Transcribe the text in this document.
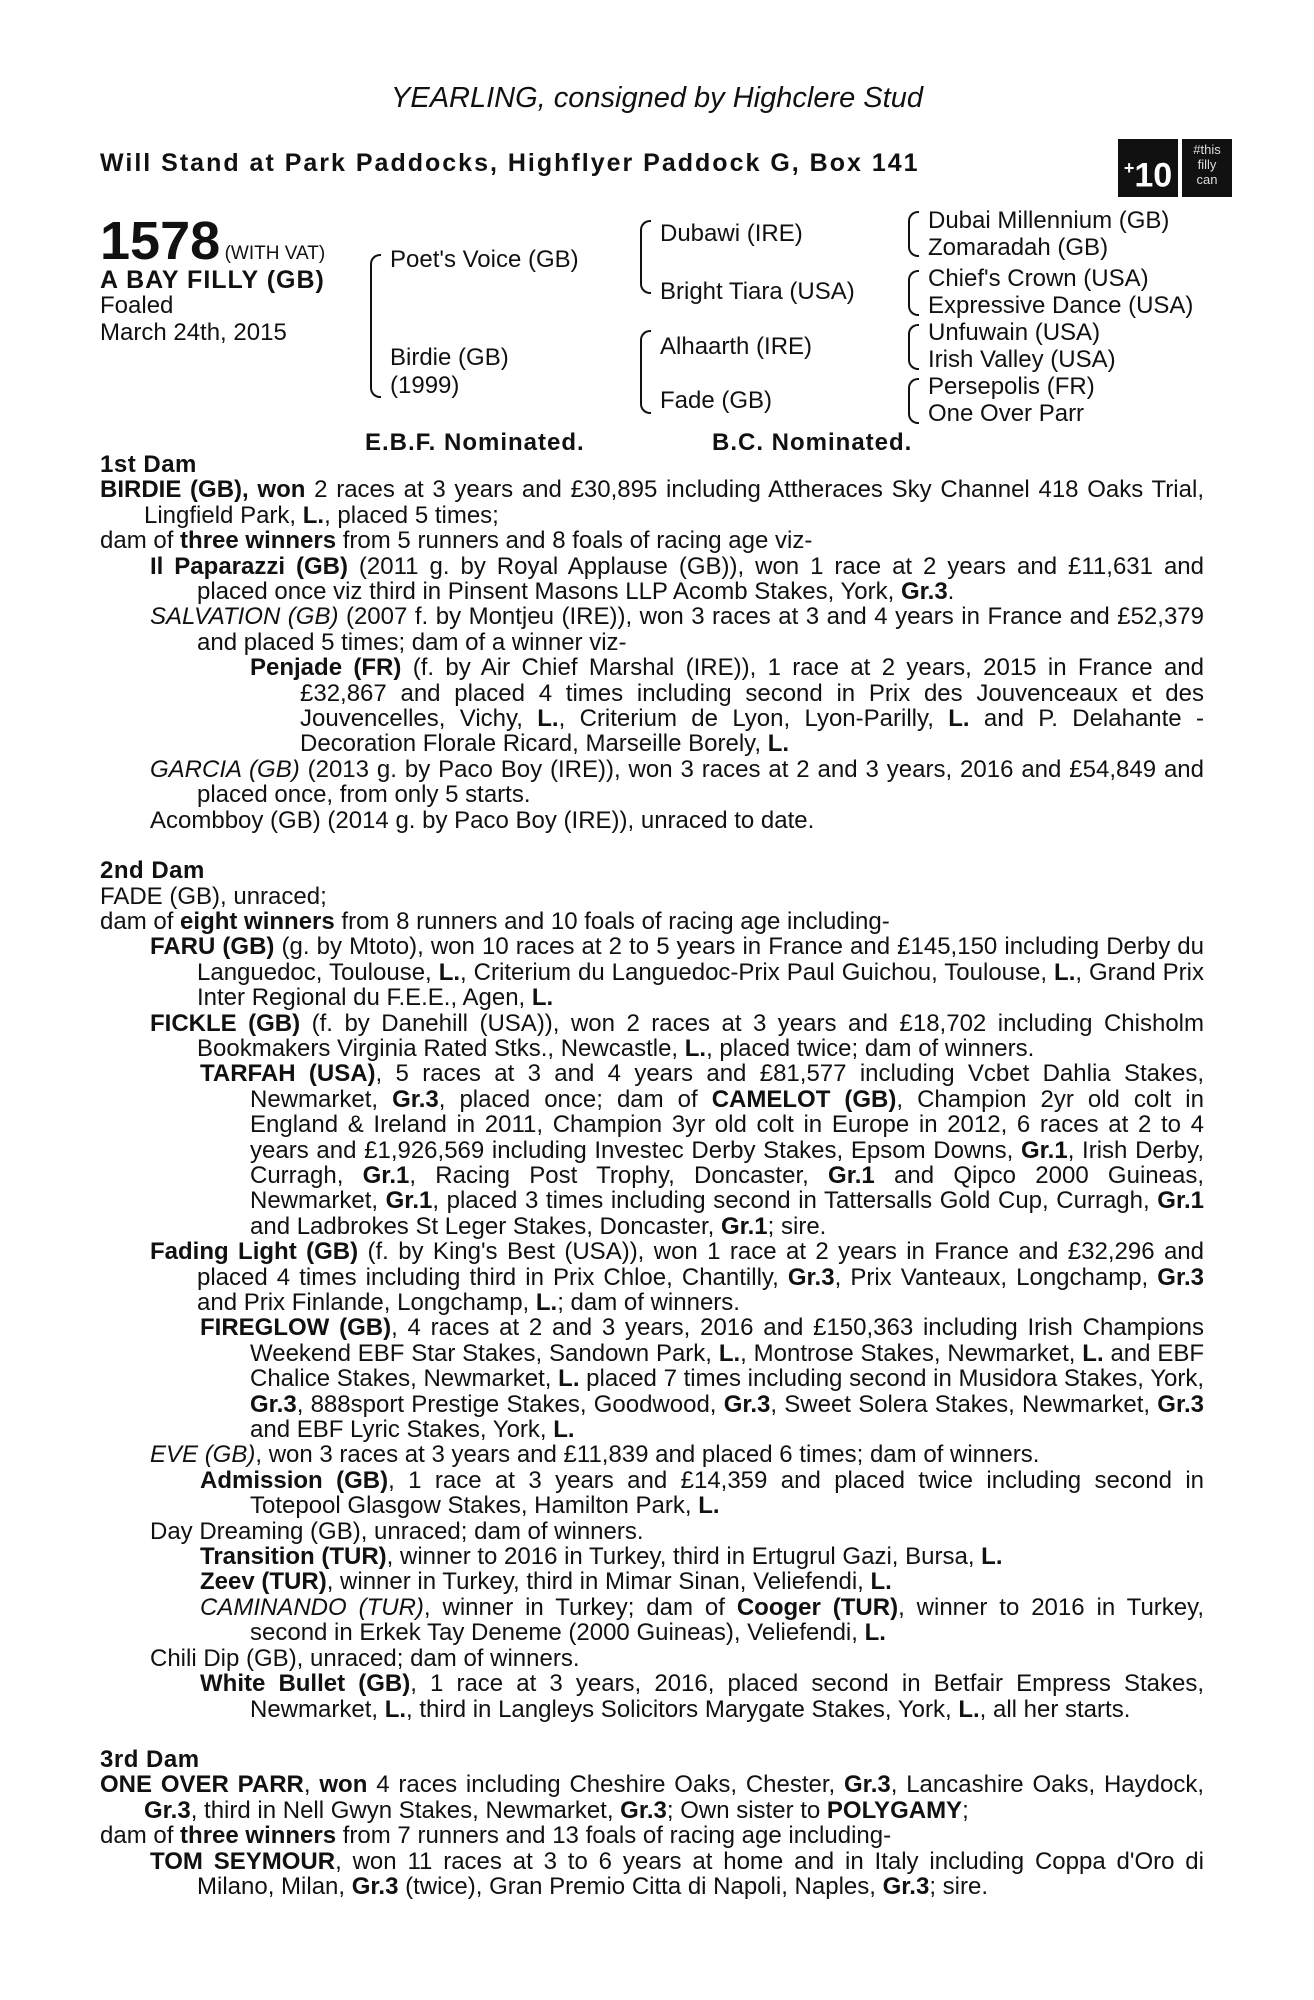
YEARLING, consigned by Highclere Stud
Will Stand at Park Paddocks, Highflyer Paddock G, Box 141	+10
#this
filly
can
1578 (WITH VAT)
A BAY FILLY (GB)
Foaled
March 24th, 2015
Poet's Voice (GB)
Birdie (GB)
(1999)
Dubawi (IRE)
Bright Tiara (USA)
Alhaarth (IRE)
Fade (GB)
Dubai Millennium (GB)
Zomaradah (GB)
Chief's Crown (USA)
Expressive Dance (USA)
Unfuwain (USA)
Irish Valley (USA)
Persepolis (FR)
One Over Parr
E.B.F. Nominated.	B.C. Nominated.

1st Dam

BIRDIE (GB), won 2 races at 3 years and £30,895 including Attheraces Sky Channel 418 Oaks Trial, Lingfield Park, L., placed 5 times;

dam of three winners from 5 runners and 8 foals of racing age viz-

Il Paparazzi (GB) (2011 g. by Royal Applause (GB)), won 1 race at 2 years and £11,631 and placed once viz third in Pinsent Masons LLP Acomb Stakes, York, Gr.3.

SALVATION (GB) (2007 f. by Montjeu (IRE)), won 3 races at 3 and 4 years in France and £52,379 and placed 5 times; dam of a winner viz-

Penjade (FR) (f. by Air Chief Marshal (IRE)), 1 race at 2 years, 2015 in France and £32,867 and placed 4 times including second in Prix des Jouvenceaux et des Jouvencelles, Vichy, L., Criterium de Lyon, Lyon-Parilly, L. and P. Delahante - Decoration Florale Ricard, Marseille Borely, L.

GARCIA (GB) (2013 g. by Paco Boy (IRE)), won 3 races at 2 and 3 years, 2016 and £54,849 and placed once, from only 5 starts.

Acombboy (GB) (2014 g. by Paco Boy (IRE)), unraced to date.

2nd Dam

FADE (GB), unraced;

dam of eight winners from 8 runners and 10 foals of racing age including-

FARU (GB) (g. by Mtoto), won 10 races at 2 to 5 years in France and £145,150 including Derby du Languedoc, Toulouse, L., Criterium du Languedoc-Prix Paul Guichou, Toulouse, L., Grand Prix Inter Regional du F.E.E., Agen, L.

FICKLE (GB) (f. by Danehill (USA)), won 2 races at 3 years and £18,702 including Chisholm Bookmakers Virginia Rated Stks., Newcastle, L., placed twice; dam of winners.

TARFAH (USA), 5 races at 3 and 4 years and £81,577 including Vcbet Dahlia Stakes, Newmarket, Gr.3, placed once; dam of CAMELOT (GB), Champion 2yr old colt in England & Ireland in 2011, Champion 3yr old colt in Europe in 2012, 6 races at 2 to 4 years and £1,926,569 including Investec Derby Stakes, Epsom Downs, Gr.1, Irish Derby, Curragh, Gr.1, Racing Post Trophy, Doncaster, Gr.1 and Qipco 2000 Guineas, Newmarket, Gr.1, placed 3 times including second in Tattersalls Gold Cup, Curragh, Gr.1 and Ladbrokes St Leger Stakes, Doncaster, Gr.1; sire.

Fading Light (GB) (f. by King's Best (USA)), won 1 race at 2 years in France and £32,296 and placed 4 times including third in Prix Chloe, Chantilly, Gr.3, Prix Vanteaux, Longchamp, Gr.3 and Prix Finlande, Longchamp, L.; dam of winners.

FIREGLOW (GB), 4 races at 2 and 3 years, 2016 and £150,363 including Irish Champions Weekend EBF Star Stakes, Sandown Park, L., Montrose Stakes, Newmarket, L. and EBF Chalice Stakes, Newmarket, L. placed 7 times including second in Musidora Stakes, York, Gr.3, 888sport Prestige Stakes, Goodwood, Gr.3, Sweet Solera Stakes, Newmarket, Gr.3 and EBF Lyric Stakes, York, L.

EVE (GB), won 3 races at 3 years and £11,839 and placed 6 times; dam of winners.

Admission (GB), 1 race at 3 years and £14,359 and placed twice including second in Totepool Glasgow Stakes, Hamilton Park, L.

Day Dreaming (GB), unraced; dam of winners.

Transition (TUR), winner to 2016 in Turkey, third in Ertugrul Gazi, Bursa, L.

Zeev (TUR), winner in Turkey, third in Mimar Sinan, Veliefendi, L.

CAMINANDO (TUR), winner in Turkey; dam of Cooger (TUR), winner to 2016 in Turkey, second in Erkek Tay Deneme (2000 Guineas), Veliefendi, L.

Chili Dip (GB), unraced; dam of winners.

White Bullet (GB), 1 race at 3 years, 2016, placed second in Betfair Empress Stakes, Newmarket, L., third in Langleys Solicitors Marygate Stakes, York, L., all her starts.

3rd Dam

ONE OVER PARR, won 4 races including Cheshire Oaks, Chester, Gr.3, Lancashire Oaks, Haydock, Gr.3, third in Nell Gwyn Stakes, Newmarket, Gr.3; Own sister to POLYGAMY;

dam of three winners from 7 runners and 13 foals of racing age including-

TOM SEYMOUR, won 11 races at 3 to 6 years at home and in Italy including Coppa d'Oro di Milano, Milan, Gr.3 (twice), Gran Premio Citta di Napoli, Naples, Gr.3; sire.
